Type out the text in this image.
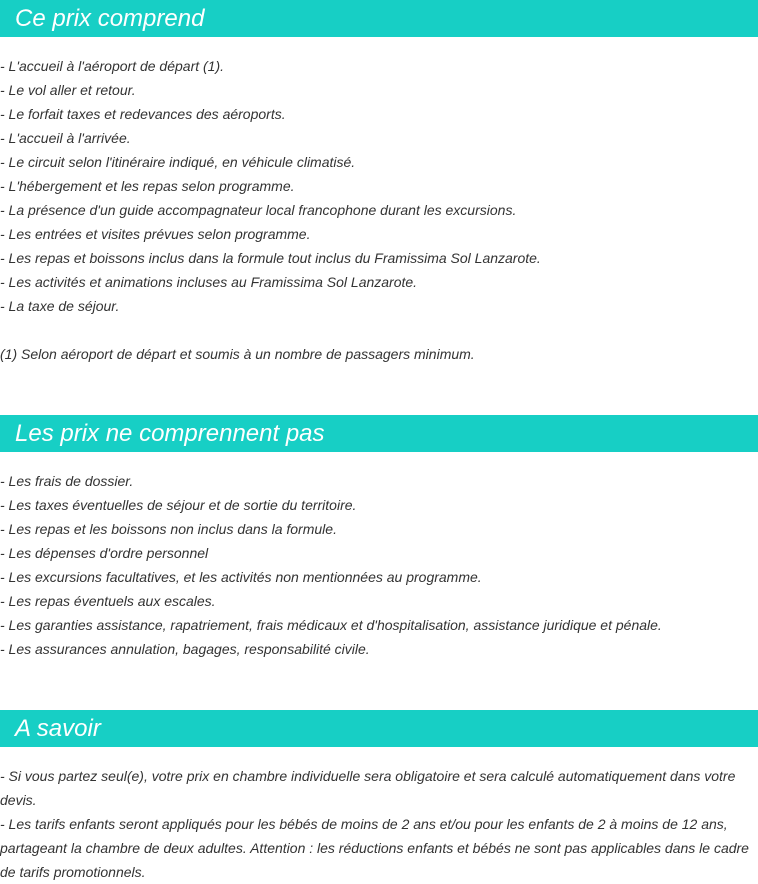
Ce prix comprend
- L'accueil à l'aéroport de départ (1).
- Le vol aller et retour.
- Le forfait taxes et redevances des aéroports.
- L'accueil à l'arrivée.
- Le circuit selon l'itinéraire indiqué, en véhicule climatisé.
- L'hébergement et les repas selon programme.
- La présence d'un guide accompagnateur local francophone durant les excursions.
- Les entrées et visites prévues selon programme.
- Les repas et boissons inclus dans la formule tout inclus du Framissima Sol Lanzarote.
- Les activités et animations incluses au Framissima Sol Lanzarote.
- La taxe de séjour.

(1) Selon aéroport de départ et soumis à un nombre de passagers minimum.

Les prix ne comprennent pas
- Les frais de dossier.
- Les taxes éventuelles de séjour et de sortie du territoire.
- Les repas et les boissons non inclus dans la formule.
- Les dépenses d'ordre personnel
- Les excursions facultatives, et les activités non mentionnées au programme.
- Les repas éventuels aux escales.
- Les garanties assistance, rapatriement, frais médicaux et d'hospitalisation, assistance juridique et pénale.
- Les assurances annulation, bagages, responsabilité civile.
A savoir

- Si vous partez seul(e), votre prix en chambre individuelle sera obligatoire et sera calculé automatiquement dans votre devis.

- Les tarifs enfants seront appliqués pour les bébés de moins de 2 ans et/ou pour les enfants de 2 à moins de 12 ans, partageant la chambre de deux adultes. Attention : les réductions enfants et bébés ne sont pas applicables dans le cadre de tarifs promotionnels.
